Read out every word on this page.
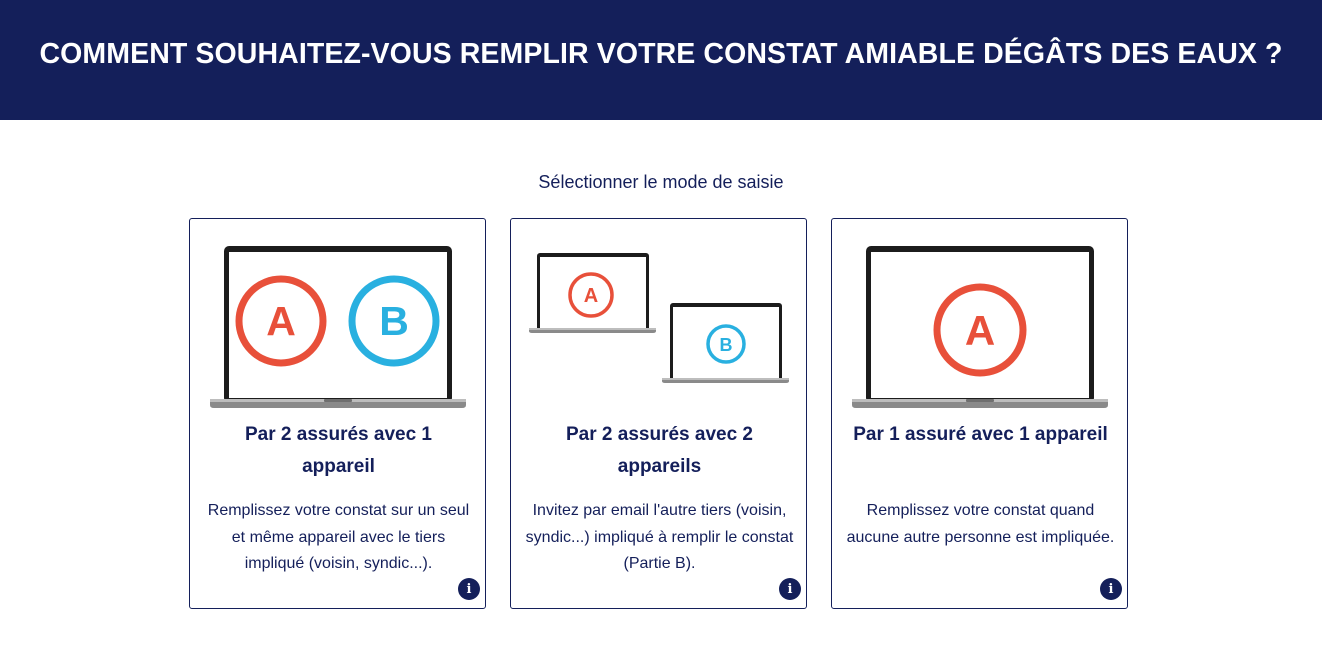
COMMENT SOUHAITEZ-VOUS REMPLIR VOTRE CONSTAT AMIABLE DÉGÂTS DES EAUX ?
Sélectionner le mode de saisie
A B
Par 2 assurés avec 1 appareil
Remplissez votre constat sur un seul et même appareil avec le tiers impliqué (voisin, syndic...).
i
A
B
Par 2 assurés avec 2 appareils
Invitez par email l'autre tiers (voisin, syndic...) impliqué à remplir le constat (Partie B).
i
A
Par 1 assuré avec 1 appareil
Remplissez votre constat quand aucune autre personne est impliquée.
i
